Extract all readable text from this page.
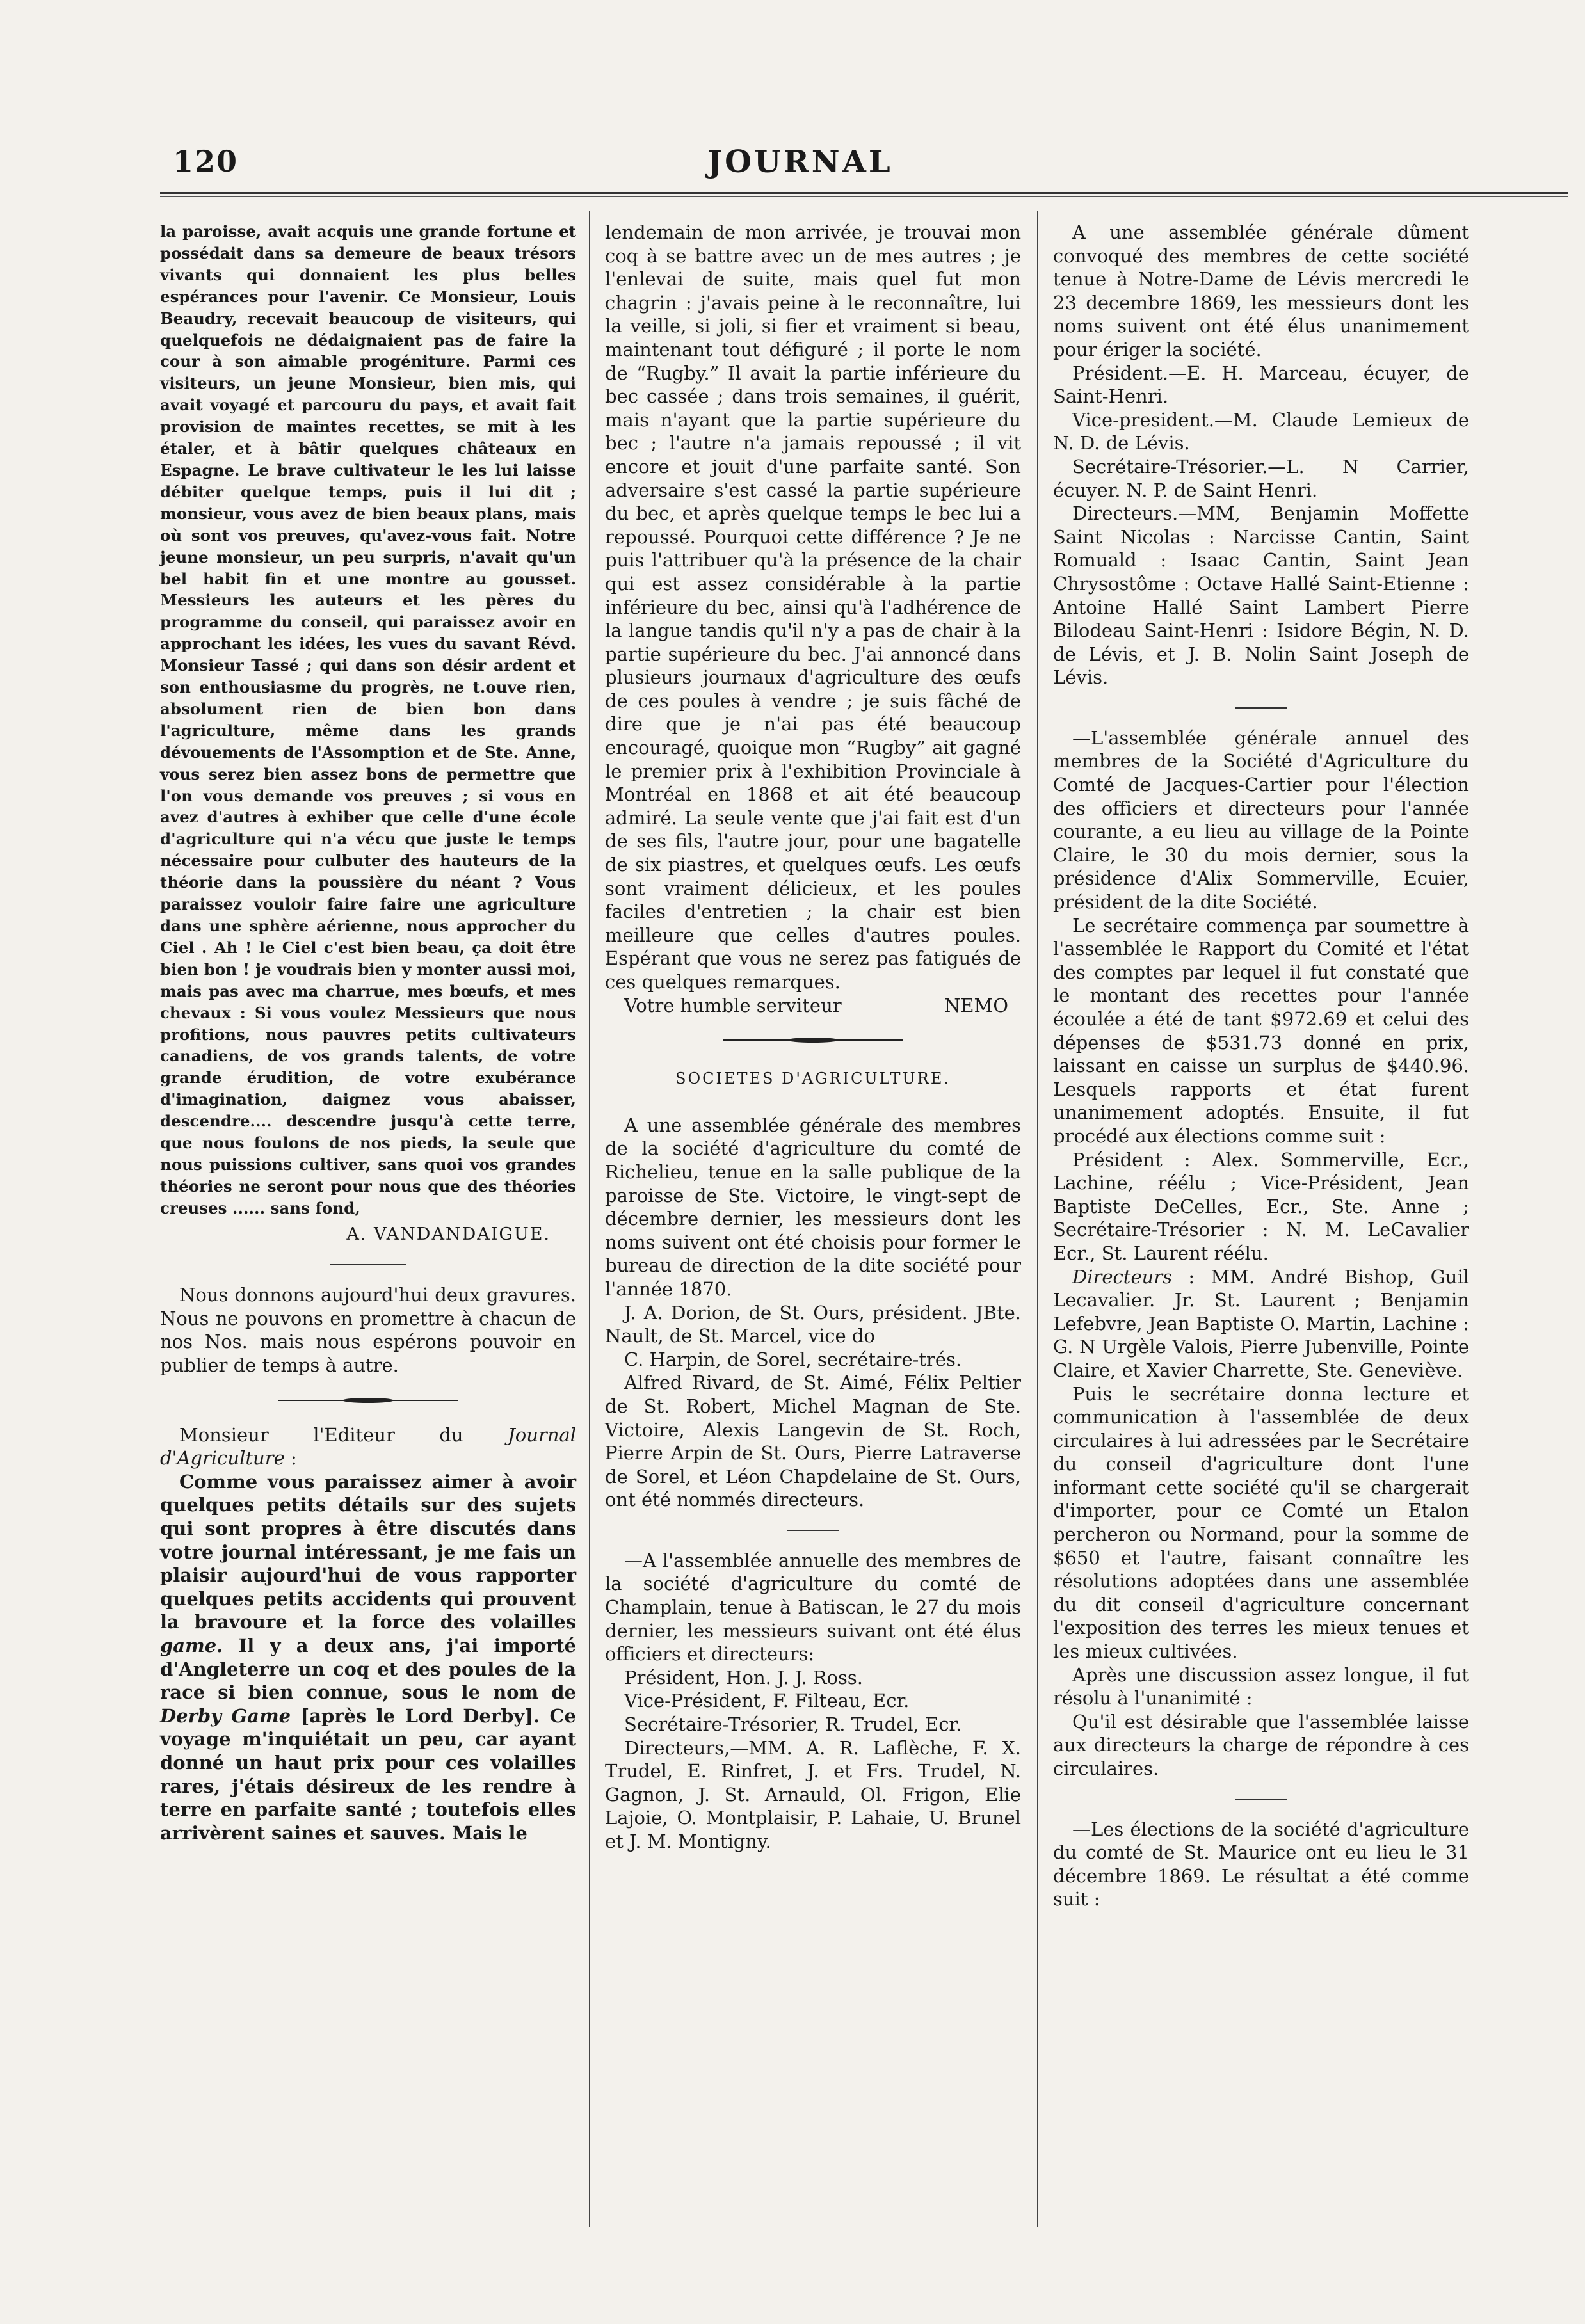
120	JOURNAL

la paroisse, avait acquis une grande fortune et possédait dans sa demeure de beaux trésors vivants qui donnaient les plus belles espérances pour l'avenir. Ce Monsieur, Louis Beaudry, recevait beaucoup de visiteurs, qui quelquefois ne dédaignaient pas de faire la cour à son aimable progéniture. Parmi ces visiteurs, un jeune Monsieur, bien mis, qui avait voyagé et parcouru du pays, et avait fait provision de maintes recettes, se mit à les étaler, et à bâtir quelques châteaux en Espagne. Le brave cultivateur le les lui laisse débiter quelque temps, puis il lui dit ; monsieur, vous avez de bien beaux plans, mais où sont vos preuves, qu'avez-vous fait. Notre jeune monsieur, un peu surpris, n'avait qu'un bel habit fin et une montre au gousset. Messieurs les auteurs et les pères du programme du conseil, qui paraissez avoir en approchant les idées, les vues du savant Révd. Monsieur Tassé ; qui dans son désir ardent et son enthousiasme du progrès, ne t.ouve rien, absolument rien de bien bon dans l'agriculture, même dans les grands dévouements de l'Assomption et de Ste. Anne, vous serez bien assez bons de permettre que l'on vous demande vos preuves ; si vous en avez d'autres à exhiber que celle d'une école d'agriculture qui n'a vécu que juste le temps nécessaire pour culbuter des hauteurs de la théorie dans la poussière du néant ? Vous paraissez vouloir faire faire une agriculture dans une sphère aérienne, nous approcher du Ciel . Ah ! le Ciel c'est bien beau, ça doit être bien bon ! je voudrais bien y monter aussi moi, mais pas avec ma charrue, mes bœufs, et mes chevaux : Si vous voulez Messieurs que nous profitions, nous pauvres petits cultivateurs canadiens, de vos grands talents, de votre grande érudition, de votre exubérance d'imagination, daignez vous abaisser, descendre.... descendre jusqu'à cette terre, que nous foulons de nos pieds, la seule que nous puissions cultiver, sans quoi vos grandes théories ne seront pour nous que des théories creuses ...... sans fond,

A. VANDANDAIGUE.

Nous donnons aujourd'hui deux gravures. Nous ne pouvons en promettre à chacun de nos Nos. mais nous espérons pouvoir en publier de temps à autre.

Monsieur l'Editeur du Journal d'Agriculture :

Comme vous paraissez aimer à avoir quelques petits détails sur des sujets qui sont propres à être discutés dans votre journal intéressant, je me fais un plaisir aujourd'hui de vous rapporter quelques petits accidents qui prouvent la bravoure et la force des volailles game. Il y a deux ans, j'ai importé d'Angleterre un coq et des poules de la race si bien connue, sous le nom de Derby Game [après le Lord Derby]. Ce voyage m'inquiétait un peu, car ayant donné un haut prix pour ces volailles rares, j'étais désireux de les rendre à terre en parfaite santé ; toutefois elles arrivèrent saines et sauves. Mais le

lendemain de mon arrivée, je trouvai mon coq à se battre avec un de mes autres ; je l'enlevai de suite, mais quel fut mon chagrin : j'avais peine à le reconnaître, lui la veille, si joli, si fier et vraiment si beau, maintenant tout défiguré ; il porte le nom de “Rugby.” Il avait la partie inférieure du bec cassée ; dans trois semaines, il guérit, mais n'ayant que la partie supérieure du bec ; l'autre n'a jamais repoussé ; il vit encore et jouit d'une parfaite santé. Son adversaire s'est cassé la partie supérieure du bec, et après quelque temps le bec lui a repoussé. Pourquoi cette différence ? Je ne puis l'attribuer qu'à la présence de la chair qui est assez considérable à la partie inférieure du bec, ainsi qu'à l'adhérence de la langue tandis qu'il n'y a pas de chair à la partie supérieure du bec. J'ai annoncé dans plusieurs journaux d'agriculture des œufs de ces poules à vendre ; je suis fâché de dire que je n'ai pas été beaucoup encouragé, quoique mon “Rugby” ait gagné le premier prix à l'exhibition Provinciale à Montréal en 1868 et ait été beaucoup admiré. La seule vente que j'ai fait est d'un de ses fils, l'autre jour, pour une bagatelle de six piastres, et quelques œufs. Les œufs sont vraiment délicieux, et les poules faciles d'entretien ; la chair est bien meilleure que celles d'autres poules. Espérant que vous ne serez pas fatigués de ces quelques remarques.

Votre humble serviteur	NEMO

SOCIETES D'AGRICULTURE.

A une assemblée générale des membres de la société d'agriculture du comté de Richelieu, tenue en la salle publique de la paroisse de Ste. Victoire, le vingt-sept de décembre dernier, les messieurs dont les noms suivent ont été choisis pour former le bureau de direction de la dite société pour l'année 1870.

J. A. Dorion, de St. Ours, président. JBte. Nault, de St. Marcel, vice do

C. Harpin, de Sorel, secrétaire-trés.

Alfred Rivard, de St. Aimé, Félix Peltier de St. Robert, Michel Magnan de Ste. Victoire, Alexis Langevin de St. Roch, Pierre Arpin de St. Ours, Pierre Latraverse de Sorel, et Léon Chapdelaine de St. Ours, ont été nommés directeurs.

—A l'assemblée annuelle des membres de la société d'agriculture du comté de Champlain, tenue à Batiscan, le 27 du mois dernier, les messieurs suivant ont été élus officiers et directeurs:

Président, Hon. J. J. Ross.

Vice-Président, F. Filteau, Ecr.

Secrétaire-Trésorier, R. Trudel, Ecr.

Directeurs,—MM. A. R. Laflèche, F. X. Trudel, E. Rinfret, J. et Frs. Trudel, N. Gagnon, J. St. Arnauld, Ol. Frigon, Elie Lajoie, O. Montplaisir, P. Lahaie, U. Brunel et J. M. Montigny.

A une assemblée générale dûment convoqué des membres de cette société tenue à Notre-Dame de Lévis mercredi le 23 decembre 1869, les messieurs dont les noms suivent ont été élus unanimement pour ériger la société.

Président.—E. H. Marceau, écuyer, de Saint-Henri.

Vice-president.—M. Claude Lemieux de N. D. de Lévis.

Secrétaire-Trésorier.—L. N Carrier, écuyer. N. P. de Saint Henri.

Directeurs.—MM, Benjamin Moffette Saint Nicolas : Narcisse Cantin, Saint Romuald : Isaac Cantin, Saint Jean Chrysostôme : Octave Hallé Saint-Etienne : Antoine Hallé Saint Lambert Pierre Bilodeau Saint-Henri : Isidore Bégin, N. D. de Lévis, et J. B. Nolin Saint Joseph de Lévis.

—L'assemblée générale annuel des membres de la Société d'Agriculture du Comté de Jacques-Cartier pour l'élection des officiers et directeurs pour l'année courante, a eu lieu au village de la Pointe Claire, le 30 du mois dernier, sous la présidence d'Alix Sommerville, Ecuier, président de la dite Société.

Le secrétaire commença par soumettre à l'assemblée le Rapport du Comité et l'état des comptes par lequel il fut constaté que le montant des recettes pour l'année écoulée a été de tant $972.69 et celui des dépenses de $531.73 donné en prix, laissant en caisse un surplus de $440.96. Lesquels rapports et état furent unanimement adoptés. Ensuite, il fut procédé aux élections comme suit :

Président : Alex. Sommerville, Ecr., Lachine, réélu ; Vice-Président, Jean Baptiste DeCelles, Ecr., Ste. Anne ; Secrétaire-Trésorier : N. M. LeCavalier Ecr., St. Laurent réélu.

Directeurs : MM. André Bishop, Guil Lecavalier. Jr. St. Laurent ; Benjamin Lefebvre, Jean Baptiste O. Martin, Lachine : G. N Urgèle Valois, Pierre Jubenville, Pointe Claire, et Xavier Charrette, Ste. Geneviève.

Puis le secrétaire donna lecture et communication à l'assemblée de deux circulaires à lui adressées par le Secrétaire du conseil d'agriculture dont l'une informant cette société qu'il se chargerait d'importer, pour ce Comté un Etalon percheron ou Normand, pour la somme de $650 et l'autre, faisant connaître les résolutions adoptées dans une assemblée du dit conseil d'agriculture concernant l'exposition des terres les mieux tenues et les mieux cultivées.

Après une discussion assez longue, il fut résolu à l'unanimité :

Qu'il est désirable que l'assemblée laisse aux directeurs la charge de répondre à ces circulaires.

—Les élections de la société d'agriculture du comté de St. Maurice ont eu lieu le 31 décembre 1869. Le résultat a été comme suit :
